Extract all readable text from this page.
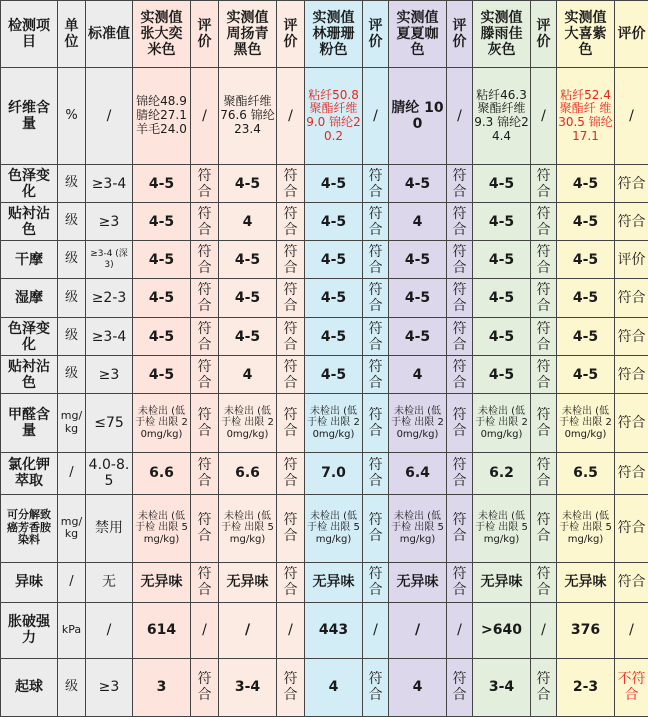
检测项目	单位	标准值	实测值张大奕米色	评价	实测值周扬青黑色	评价	实测值林珊珊粉色	评价	实测值夏夏咖色	评价	实测值滕雨佳灰色	评价	实测值大喜紫色	评价
纤维含量	%	/	锦纶48.9 腈纶27.1 羊毛24.0	/	聚酯纤维 76.6 锦纶23.4	/	粘纤50.8 聚酯纤维 9.0 锦纶20.2	/	腈纶 100	/	粘纤46.3 聚酯纤维 9.3 锦纶24.4	/	粘纤52.4 聚酯纤 维30.5 锦纶17.1	/
色泽变化	级	≥3-4	4-5	符合	4-5	符合	4-5	符合	4-5	符合	4-5	符合	4-5	符合
贴衬沾色	级	≥3	4-5	符合	4	符合	4-5	符合	4	符合	4-5	符合	4-5	符合
干摩	级	≥3-4 (深3)	4-5	符合	4-5	符合	4-5	符合	4-5	符合	4-5	符合	4-5	评价
湿摩	级	≥2-3	4-5	符合	4-5	符合	4-5	符合	4-5	符合	4-5	符合	4-5	符合
色泽变化	级	≥3-4	4-5	符合	4-5	符合	4-5	符合	4-5	符合	4-5	符合	4-5	符合
贴衬沾色	级	≥3	4-5	符合	4	符合	4-5	符合	4	符合	4-5	符合	4-5	符合
甲醛含量	mg/kg	≤75	未检出 (低于检 出限 20mg/kg)	符合	未检出 (低于检 出限 20mg/kg)	符合	未检出 (低于检 出限 20mg/kg)	符合	未检出 (低于检 出限 20mg/kg)	符合	未检出 (低于检 出限 20mg/kg)	符合	未检出 (低于检 出限 20mg/kg)	符合
氯化钾萃取	/	4.0-8.5	6.6	符合	6.6	符合	7.0	符合	6.4	符合	6.2	符合	6.5	符合
可分解致癌芳香胺染料	mg/kg	禁用	未检出 (低于检 出限 5mg/kg)	符合	未检出 (低于检 出限 5mg/kg)	符合	未检出 (低于检 出限 5mg/kg)	符合	未检出 (低于检 出限 5mg/kg)	符合	未检出 (低于检 出限 5mg/kg)	符合	未检出 (低于检 出限 5mg/kg)	符合
异味	/	无	无异味	符合	无异味	符合	无异味	符合	无异味	符合	无异味	符合	无异味	符合
胀破强力	kPa	/	614	/	/	/	443	/	/	/	>640	/	376	/
起球	级	≥3	3	符合	3-4	符合	4	符合	4	符合	3-4	符合	2-3	不符合
